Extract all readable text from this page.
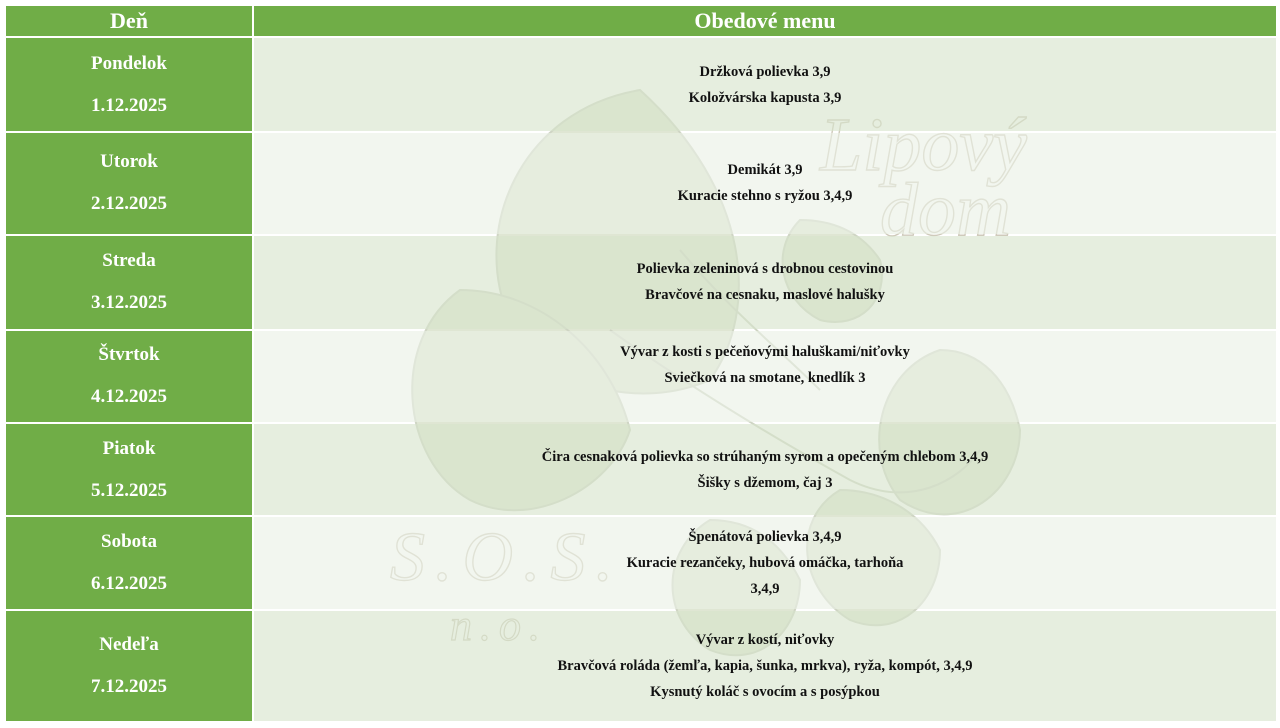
Deň	Obedové menu

Pondelok
1.12.2025	Držková polievka 3,9
Koložvárska kapusta 3,9

Utorok
2.12.2025	Demikát 3,9
Kuracie stehno s ryžou 3,4,9

Streda
3.12.2025	Polievka zeleninová s drobnou cestovinou
Bravčové na cesnaku, maslové halušky

Štvrtok
4.12.2025	Vývar z kosti s pečeňovými haluškami/niťovky
Sviečková na smotane, knedlík 3

Piatok
5.12.2025	Čira cesnaková polievka so strúhaným syrom a opečeným chlebom 3,4,9
Šišky s džemom, čaj 3

Sobota
6.12.2025	Špenátová polievka 3,4,9
Kuracie rezančeky, hubová omáčka, tarhoňa
3,4,9

Nedeľa
7.12.2025	Vývar z kostí, niťovky
Bravčová roláda (žemľa, kapia, šunka, mrkva), ryža, kompót, 3,4,9
Kysnutý koláč s ovocím a s posýpkou
